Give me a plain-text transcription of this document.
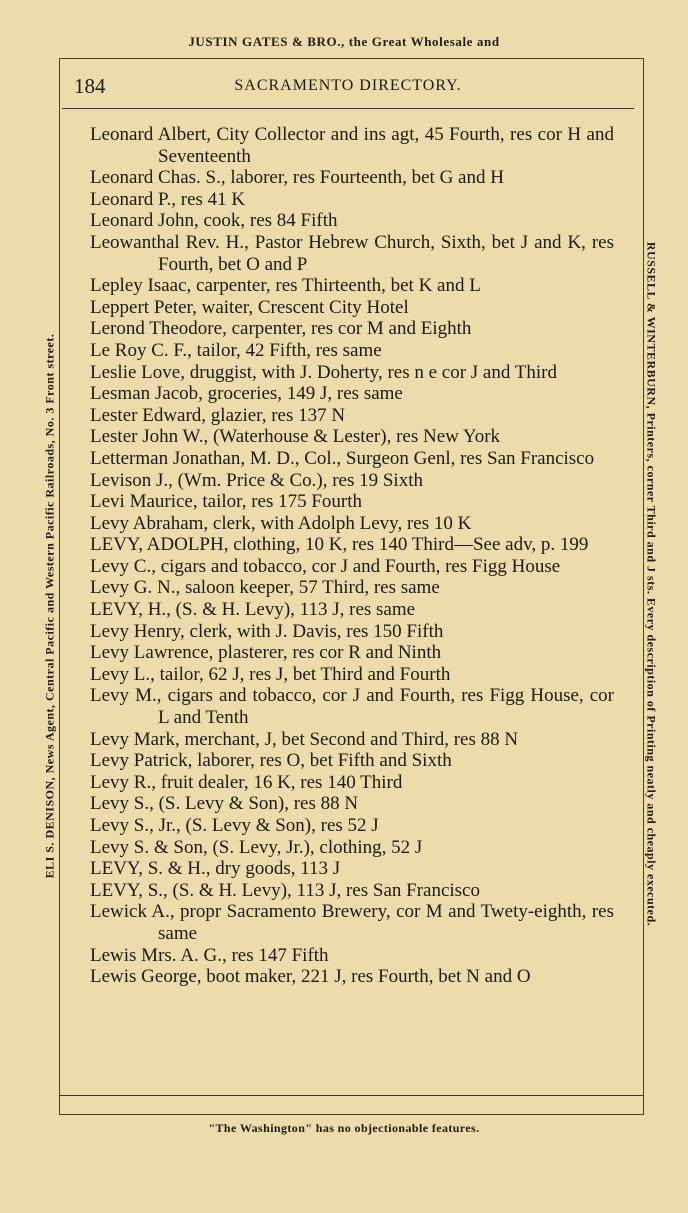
JUSTIN GATES & BRO., the Great Wholesale and
184	SACRAMENTO DIRECTORY.
Leonard Albert, City Collector and ins agt, 45 Fourth, res cor H and Seventeenth
Leonard Chas. S., laborer, res Fourteenth, bet G and H
Leonard P., res 41 K
Leonard John, cook, res 84 Fifth
Leowanthal Rev. H., Pastor Hebrew Church, Sixth, bet J and K, res Fourth, bet O and P
Lepley Isaac, carpenter, res Thirteenth, bet K and L
Leppert Peter, waiter, Crescent City Hotel
Lerond Theodore, carpenter, res cor M and Eighth
Le Roy C. F., tailor, 42 Fifth, res same
Leslie Love, druggist, with J. Doherty, res n e cor J and Third
Lesman Jacob, groceries, 149 J, res same
Lester Edward, glazier, res 137 N
Lester John W., (Waterhouse & Lester), res New York
Letterman Jonathan, M. D., Col., Surgeon Genl, res San Francisco
Levison J., (Wm. Price & Co.), res 19 Sixth
Levi Maurice, tailor, res 175 Fourth
Levy Abraham, clerk, with Adolph Levy, res 10 K
LEVY, ADOLPH, clothing, 10 K, res 140 Third—See adv, p. 199
Levy C., cigars and tobacco, cor J and Fourth, res Figg House
Levy G. N., saloon keeper, 57 Third, res same
LEVY, H., (S. & H. Levy), 113 J, res same
Levy Henry, clerk, with J. Davis, res 150 Fifth
Levy Lawrence, plasterer, res cor R and Ninth
Levy L., tailor, 62 J, res J, bet Third and Fourth
Levy M., cigars and tobacco, cor J and Fourth, res Figg House, cor L and Tenth
Levy Mark, merchant, J, bet Second and Third, res 88 N
Levy Patrick, laborer, res O, bet Fifth and Sixth
Levy R., fruit dealer, 16 K, res 140 Third
Levy S., (S. Levy & Son), res 88 N
Levy S., Jr., (S. Levy & Son), res 52 J
Levy S. & Son, (S. Levy, Jr.), clothing, 52 J
LEVY, S. & H., dry goods, 113 J
LEVY, S., (S. & H. Levy), 113 J, res San Francisco
Lewick A., propr Sacramento Brewery, cor M and Twety-eighth, res same
Lewis Mrs. A. G., res 147 Fifth
Lewis George, boot maker, 221 J, res Fourth, bet N and O
ELI S. DENISON, News Agent, Central Pacific and Western Pacific Railroads, No. 3 Front street.	RUSSELL & WINTERBURN, Printers, corner Third and J sts. Every description of Printing neatly and cheaply executed.
"The Washington" has no objectionable features.
